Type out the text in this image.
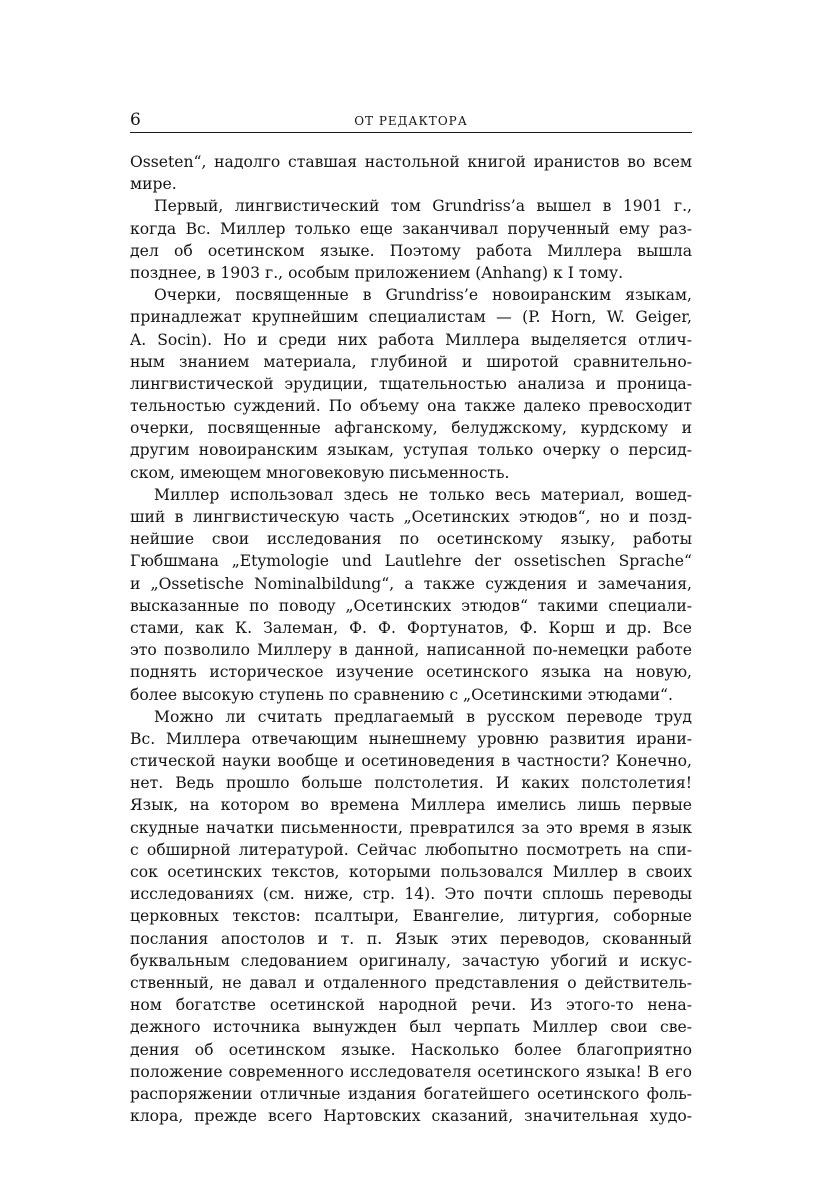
6	ОТ РЕДАКТОРА
Osseten“, надолго ставшая настольной книгой иранистов во всем
мире.
Первый, лингвистический том Grundriss’a вышел в 1901 г.,
когда Вс. Миллер только еще заканчивал порученный ему раз-
дел об осетинском языке. Поэтому работа Миллера вышла
позднее, в 1903 г., особым приложением (Anhang) к I тому.
Очерки, посвященные в Grundriss’е новоиранским языкам,
принадлежат крупнейшим специалистам — (P. Horn, W. Geiger,
A. Socin). Но и среди них работа Миллера выделяется отлич-
ным знанием материала, глубиной и широтой сравнительно-
лингвистической эрудиции, тщательностью анализа и проница-
тельностью суждений. По объему она также далеко превосходит
очерки, посвященные афганскому, белуджскому, курдскому и
другим новоиранским языкам, уступая только очерку о персид-
ском, имеющем многовековую письменность.
Миллер использовал здесь не только весь материал, вошед-
ший в лингвистическую часть „Осетинских этюдов“, но и позд-
нейшие свои исследования по осетинскому языку, работы
Гюбшмана „Etymologie und Lautlehre der ossetischen Sprache“
и „Ossetische Nominalbildung“, а также суждения и замечания,
высказанные по поводу „Осетинских этюдов“ такими специали-
стами, как К. Залеман, Ф. Ф. Фортунатов, Ф. Корш и др. Все
это позволило Миллеру в данной, написанной по-немецки работе
поднять историческое изучение осетинского языка на новую,
более высокую ступень по сравнению с „Осетинскими этюдами“.
Можно ли считать предлагаемый в русском переводе труд
Вс. Миллера отвечающим нынешнему уровню развития ирани-
стической науки вообще и осетиноведения в частности? Конечно,
нет. Ведь прошло больше полстолетия. И каких полстолетия!
Язык, на котором во времена Миллера имелись лишь первые
скудные начатки письменности, превратился за это время в язык
с обширной литературой. Сейчас любопытно посмотреть на спи-
сок осетинских текстов, которыми пользовался Миллер в своих
исследованиях (см. ниже, стр. 14). Это почти сплошь переводы
церковных текстов: псалтыри, Евангелие, литургия, соборные
послания апостолов и т. п. Язык этих переводов, скованный
буквальным следованием оригиналу, зачастую убогий и искус-
ственный, не давал и отдаленного представления о действитель-
ном богатстве осетинской народной речи. Из этого-то нена-
дежного источника вынужден был черпать Миллер свои све-
дения об осетинском языке. Насколько более благоприятно
положение современного исследователя осетинского языка! В его
распоряжении отличные издания богатейшего осетинского фоль-
клора, прежде всего Нартовских сказаний, значительная худо-
